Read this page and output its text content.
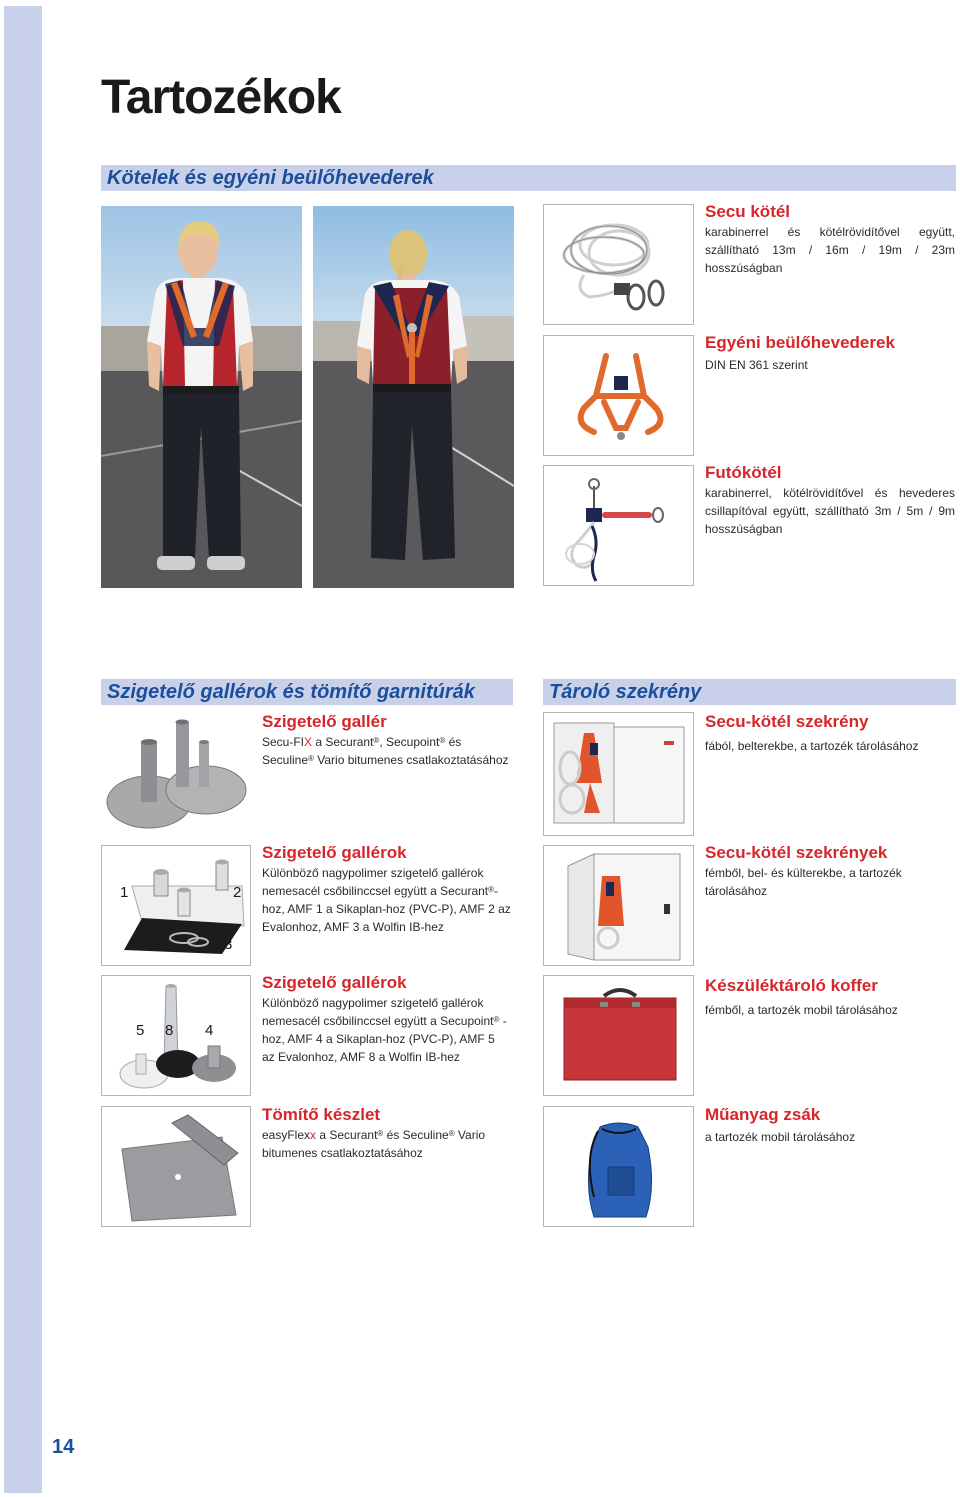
14
Tartozékok
Kötelek és egyéni beülőhevederek
Secu kötél
karabinerrel és kötélrövidítővel együtt, szállítható 13m / 16m / 19m / 23m hosszúságban
Egyéni beülőhevederek
DIN EN 361 szerint
Futókötél
karabinerrel, kötélrövidítővel és hevederes csillapítóval együtt, szállítható 3m / 5m / 9m hosszúságban
Szigetelő gallérok és tömítő garnitúrák	Tároló szekrény
Szigetelő gallér
Secu-FIX a Securant®, Secupoint® és Seculine® Vario bitumenes csatlakoztatásához
Secu-kötél szekrény
fából, belterekbe, a tartozék tárolásához
1	2
3
Szigetelő gallérok
Különböző nagypolimer szigetelő gallérok nemesacél csőbilinccsel együtt a Securant®-hoz, AMF 1 a Sikaplan-hoz (PVC-P), AMF 2 az Evalonhoz, AMF 3 a Wolfin IB-hez
Secu-kötél szekrények
fémből, bel- és külterekbe, a tartozék tárolásához
5 8 4
Szigetelő gallérok
Különböző nagypolimer szigetelő gallérok nemesacél csőbilinccsel együtt a Secupoint® -hoz, AMF 4 a Sikaplan-hoz (PVC-P), AMF 5 az Evalonhoz, AMF 8 a Wolfin IB-hez
Készüléktároló koffer
fémből, a tartozék mobil tárolásához
Tömítő készlet
easyFlexx a Securant® és Seculine® Vario bitumenes csatlakoztatásához
Műanyag zsák
a tartozék mobil tárolásához
